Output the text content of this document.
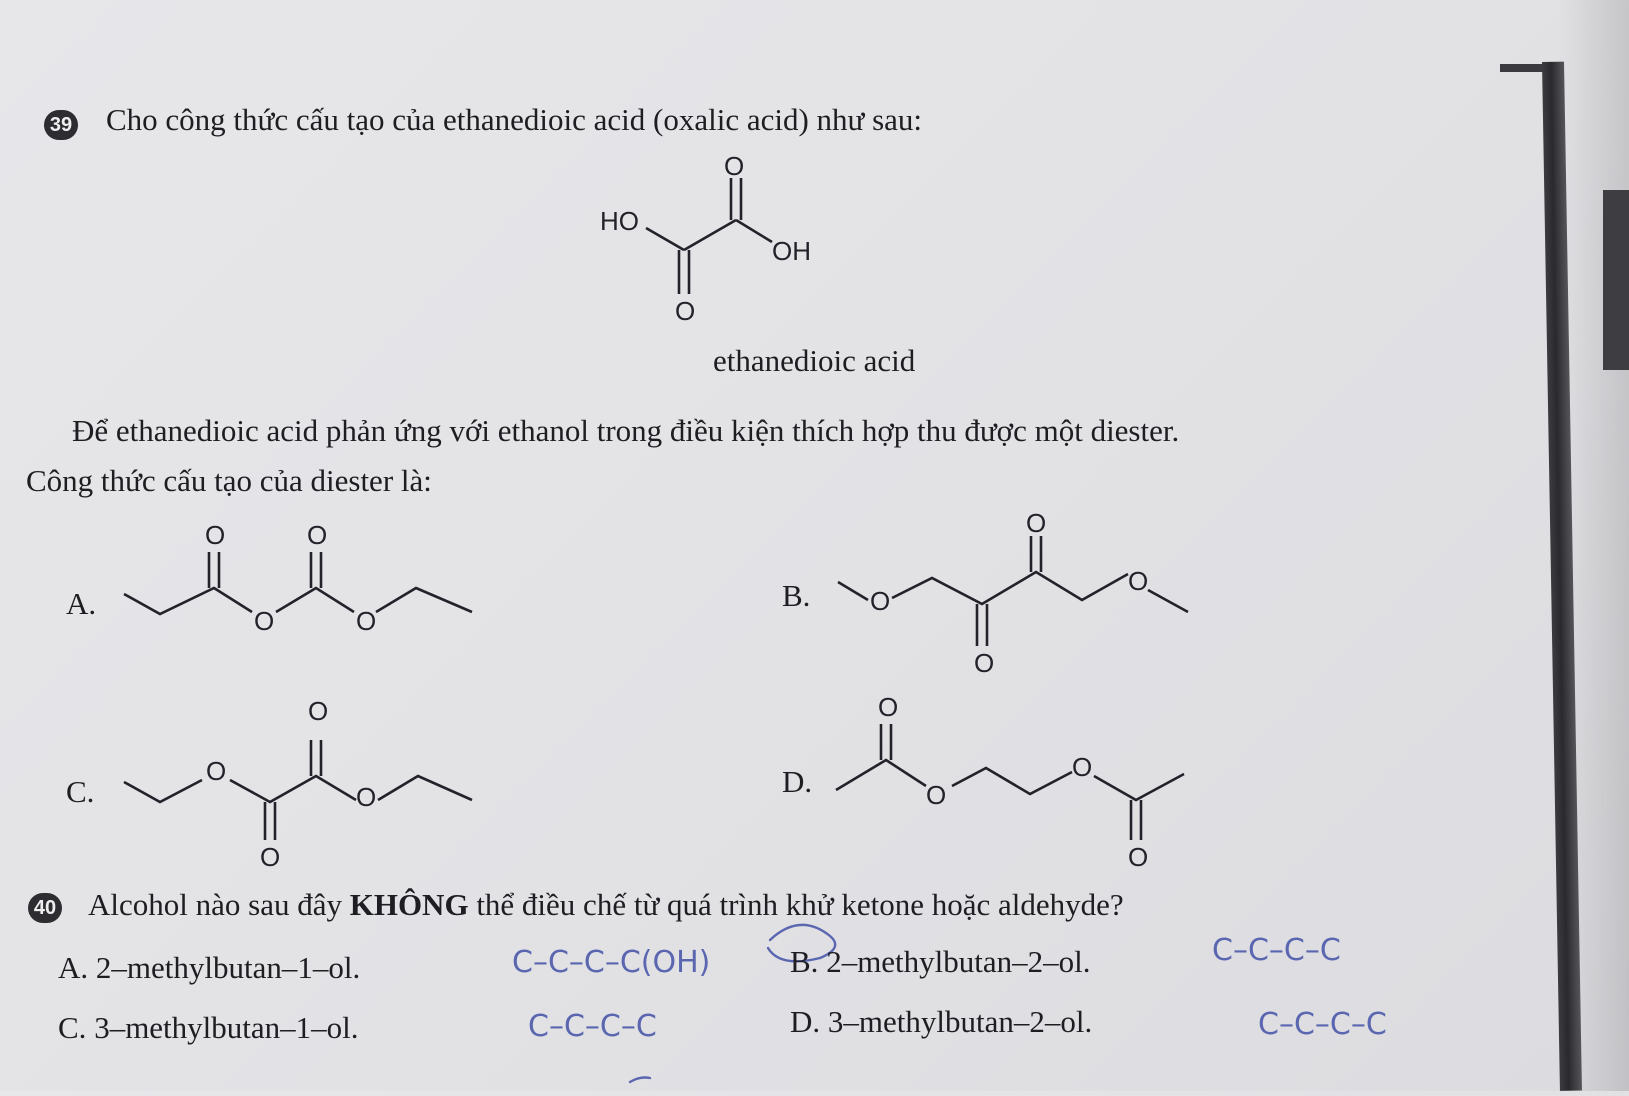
39 Cho công thức cấu tạo của ethanedioic acid (oxalic acid) như sau:
HO
O
OH
O
ethanedioic acid
Để ethanedioic acid phản ứng với ethanol trong điều kiện thích hợp thu được một diester.
Công thức cấu tạo của diester là:
A.
O	O
O	O
B. O
O
O
O
C.
O
O
O
O	D.
O
O
O
O
40 Alcohol nào sau đây KHÔNG thể điều chế từ quá trình khử ketone hoặc aldehyde?
A. 2–methylbutan–1–ol.	B. 2–methylbutan–2–ol.
C. 3–methylbutan–1–ol.	D. 3–methylbutan–2–ol.
C–C–C–C(OH)	C–C–C–C
C–C–C–C	C–C–C–C
